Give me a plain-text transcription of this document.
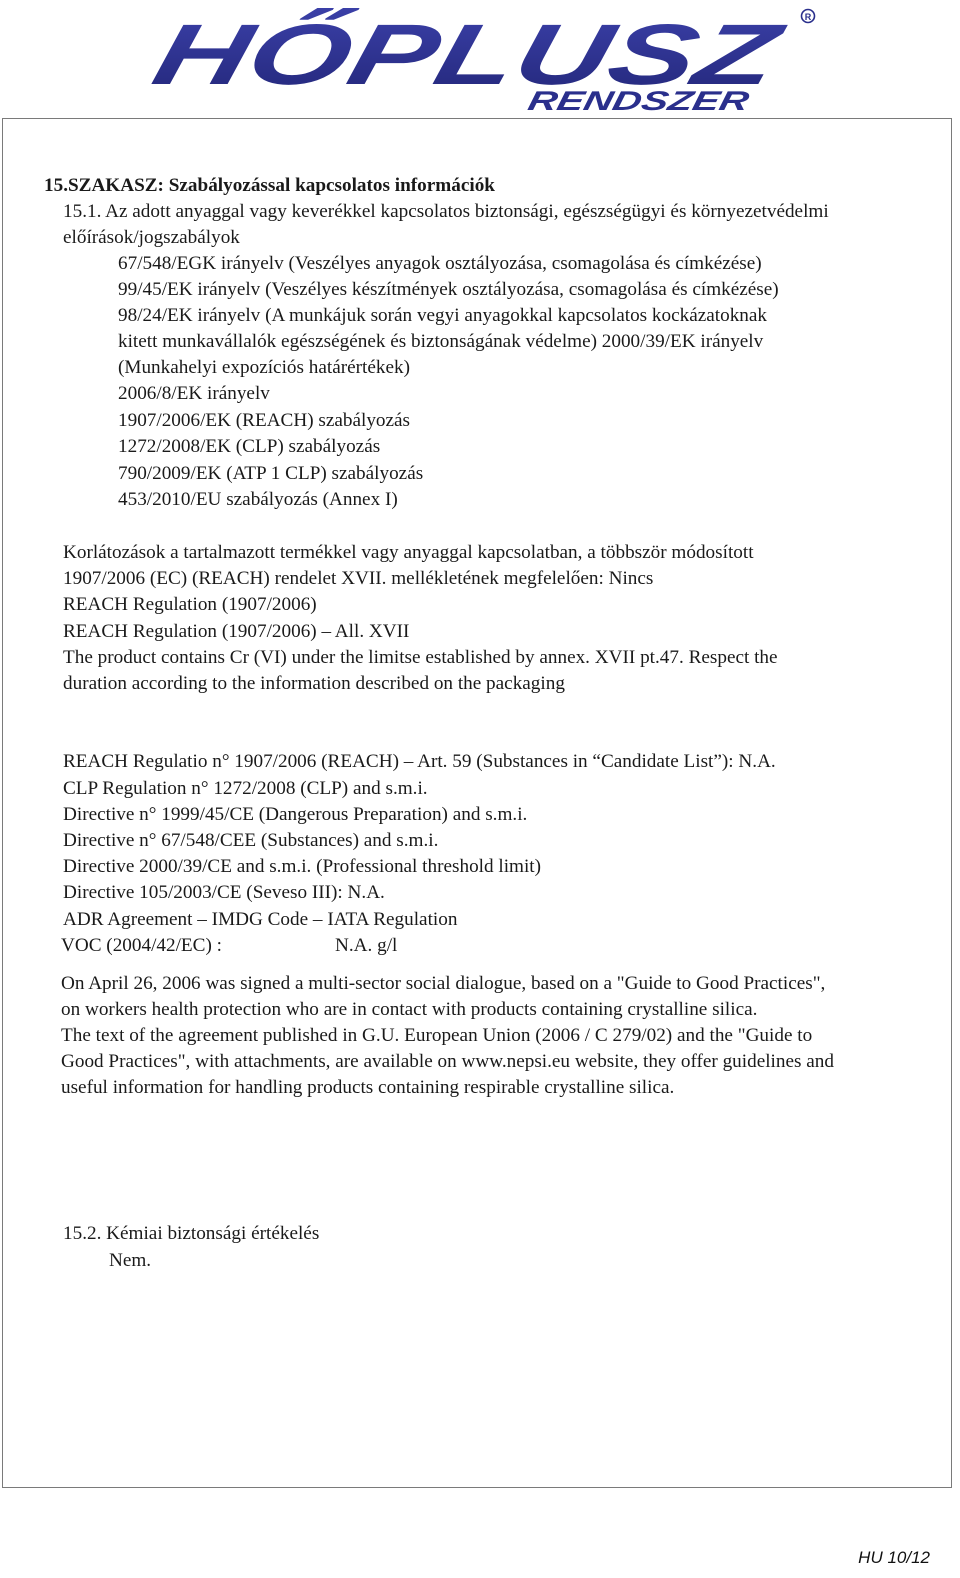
HŐPLUSZ
RENDSZER
R
15.SZAKASZ: Szabályozással kapcsolatos információk
15.1. Az adott anyaggal vagy keverékkel kapcsolatos biztonsági, egészségügyi és környezetvédelmi
előírások/jogszabályok
67/548/EGK irányelv (Veszélyes anyagok osztályozása, csomagolása és címkézése)
99/45/EK irányelv (Veszélyes készítmények osztályozása, csomagolása és címkézése)
98/24/EK irányelv (A munkájuk során vegyi anyagokkal kapcsolatos kockázatoknak
kitett munkavállalók egészségének és biztonságának védelme) 2000/39/EK irányelv
(Munkahelyi expozíciós határértékek)
2006/8/EK irányelv
1907/2006/EK (REACH) szabályozás
1272/2008/EK (CLP) szabályozás
790/2009/EK (ATP 1 CLP) szabályozás
453/2010/EU szabályozás (Annex I)
Korlátozások a tartalmazott termékkel vagy anyaggal kapcsolatban, a többször módosított
1907/2006 (EC) (REACH) rendelet XVII. mellékletének megfelelően: Nincs
REACH Regulation (1907/2006)
REACH Regulation (1907/2006) – All. XVII
The product contains Cr (VI) under the limitse established by annex. XVII pt.47. Respect the
duration according to the information described on the packaging
REACH Regulatio n° 1907/2006 (REACH) – Art. 59 (Substances in “Candidate List”): N.A.
CLP Regulation n° 1272/2008 (CLP) and s.m.i.
Directive n° 1999/45/CE (Dangerous Preparation) and s.m.i.
Directive n° 67/548/CEE (Substances) and s.m.i.
Directive 2000/39/CE and s.m.i. (Professional threshold limit)
Directive 105/2003/CE (Seveso III): N.A.
ADR Agreement – IMDG Code – IATA Regulation
VOC (2004/42/EC) :	N.A. g/l
On April 26, 2006 was signed a multi-sector social dialogue, based on a "Guide to Good Practices",
on workers health protection who are in contact with products containing crystalline silica.
The text of the agreement published in G.U. European Union (2006 / C 279/02) and the "Guide to
Good Practices", with attachments, are available on www.nepsi.eu website, they offer guidelines and
useful information for handling products containing respirable crystalline silica.
15.2. Kémiai biztonsági értékelés
Nem.
HU 10/12
